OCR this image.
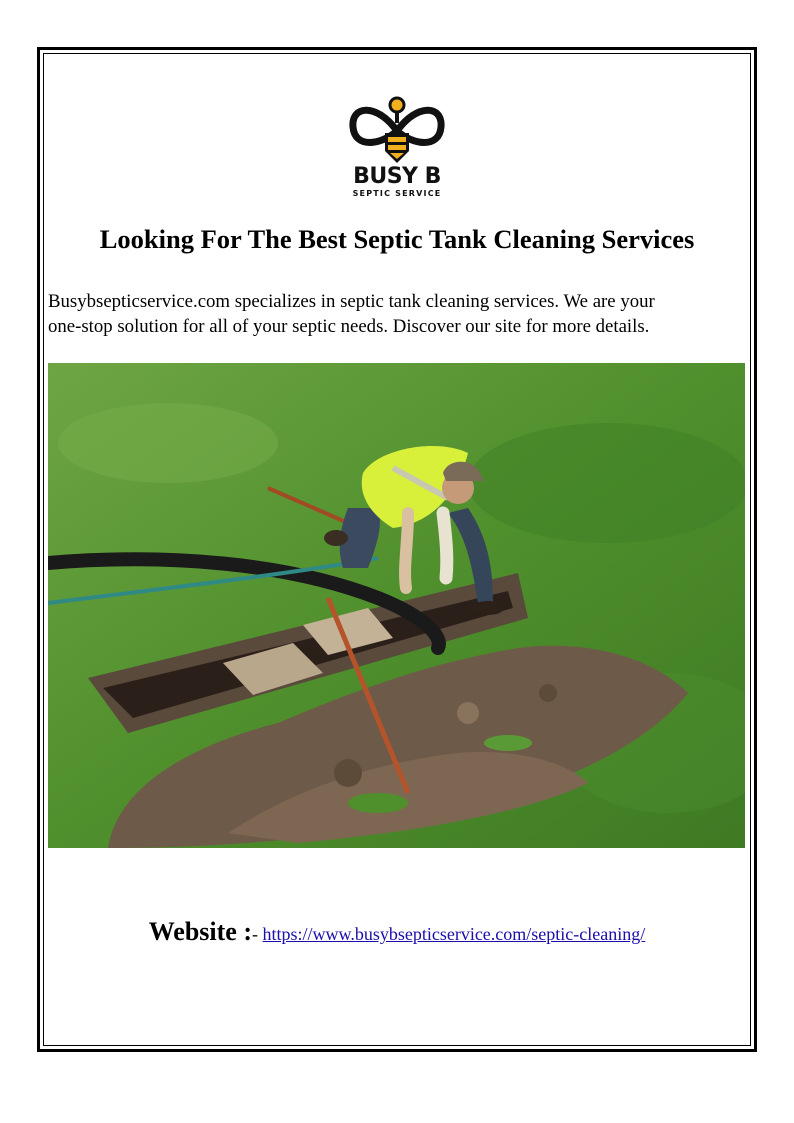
BUSY B
SEPTIC SERVICE
Looking For The Best Septic Tank Cleaning Services

Busybsepticservice.com specializes in septic tank cleaning services. We are your
one-stop solution for all of your septic needs. Discover our site for more details.

Website :- https://www.busybsepticservice.com/septic-cleaning/
